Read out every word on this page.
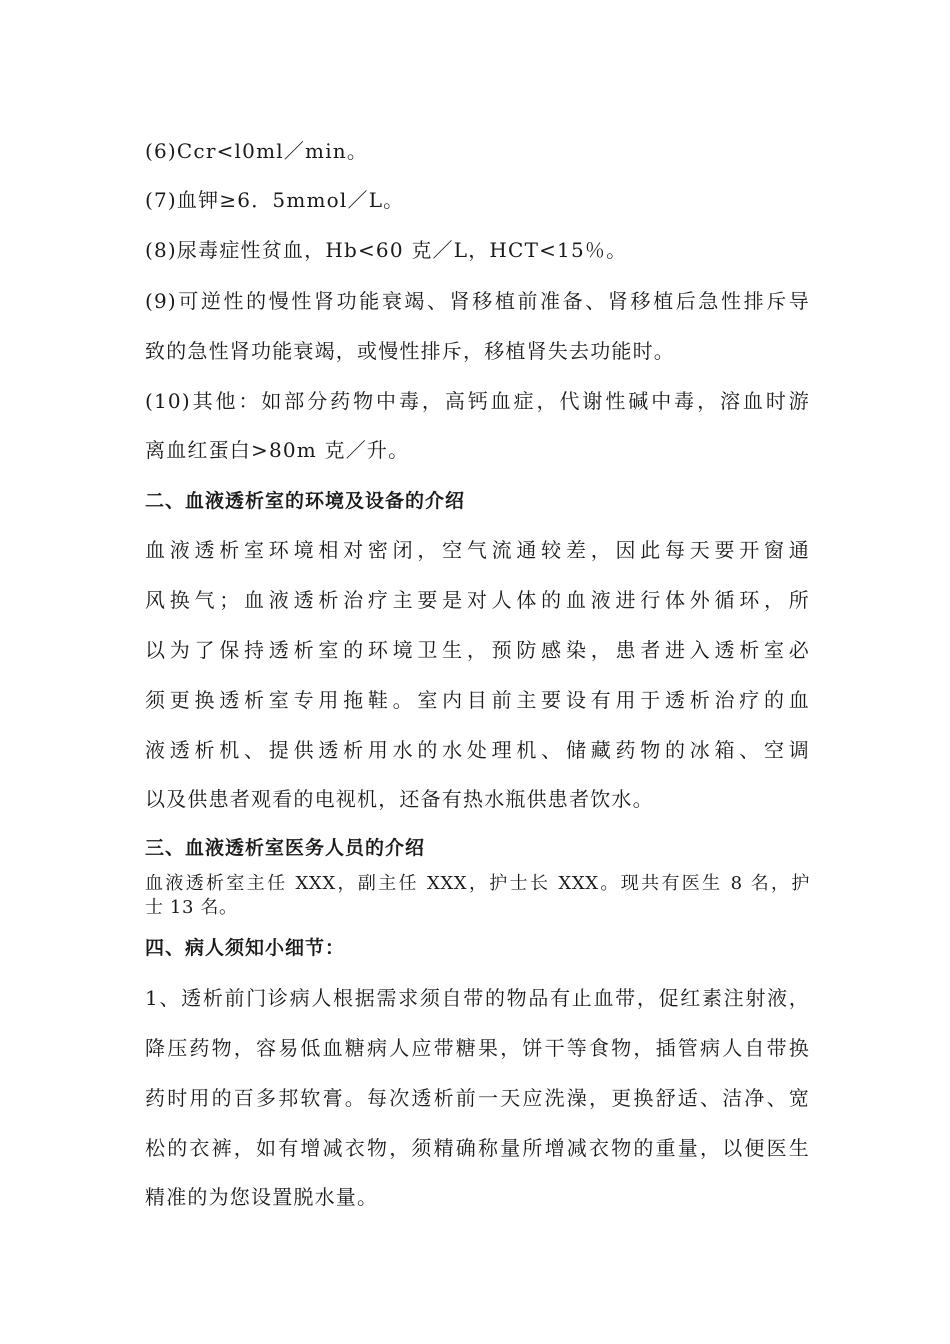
(6)Ccr<l0ml／min。
(7)血钾≥6．5mmol／L。
(8)尿毒症性贫血，Hb<60 克／L，HCT<15％。
(9)可逆性的慢性肾功能衰竭、肾移植前准备、肾移植后急性排斥导
致的急性肾功能衰竭，或慢性排斥，移植肾失去功能时。
(10)其他：如部分药物中毒，高钙血症，代谢性碱中毒，溶血时游
离血红蛋白>80m 克／升。
二、血液透析室的环境及设备的介绍
血液透析室环境相对密闭，空气流通较差，因此每天要开窗通
风换气；血液透析治疗主要是对人体的血液进行体外循环，所
以为了保持透析室的环境卫生，预防感染，患者进入透析室必
须更换透析室专用拖鞋。室内目前主要设有用于透析治疗的血
液透析机、提供透析用水的水处理机、储藏药物的冰箱、空调
以及供患者观看的电视机，还备有热水瓶供患者饮水。
三、血液透析室医务人员的介绍
血液透析室主任 XXX，副主任 XXX，护士长 XXX。现共有医生 8 名，护
士 13 名。
四、病人须知小细节：
1、透析前门诊病人根据需求须自带的物品有止血带，促红素注射液，
降压药物，容易低血糖病人应带糖果，饼干等食物，插管病人自带换
药时用的百多邦软膏。每次透析前一天应洗澡，更换舒适、洁净、宽
松的衣裤，如有增减衣物，须精确称量所增减衣物的重量，以便医生
精准的为您设置脱水量。
